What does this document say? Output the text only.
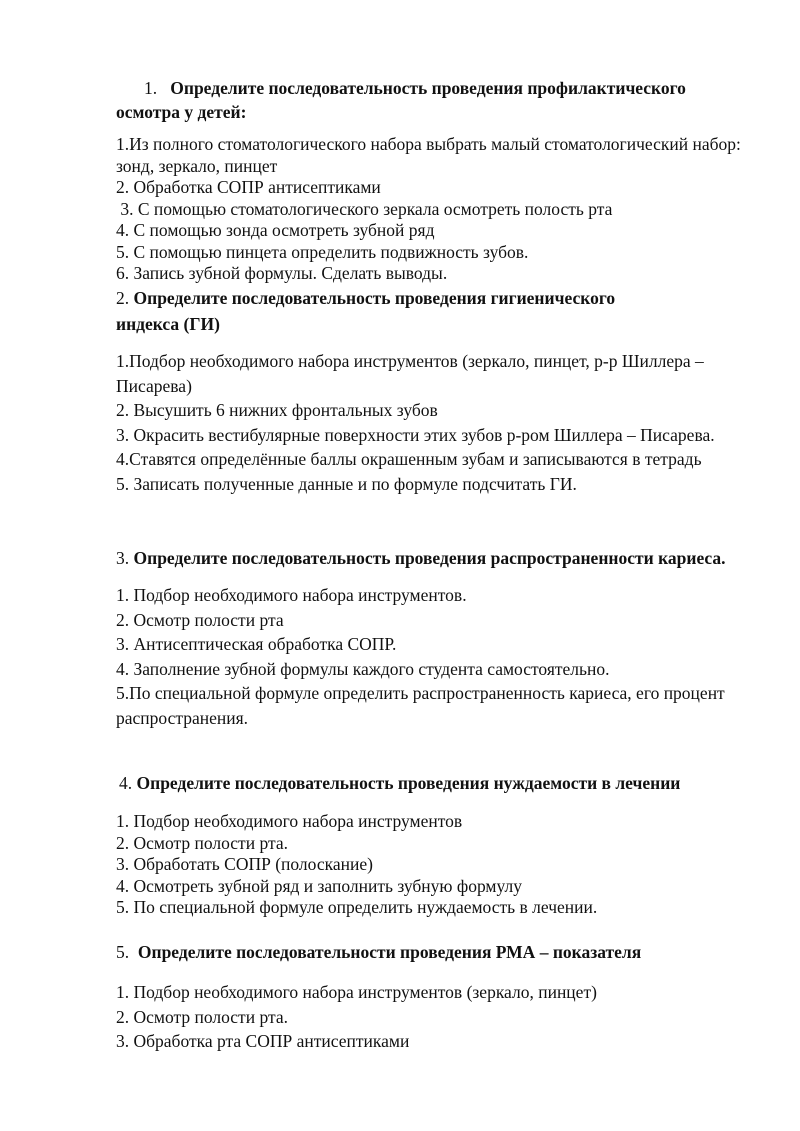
1. Определите последовательность проведения профилактического осмотра у детей:
1.Из полного стоматологического набора выбрать малый стоматологический набор: зонд, зеркало, пинцет
2. Обработка СОПР антисептиками
3. С помощью стоматологического зеркала осмотреть полость рта
4. С помощью зонда осмотреть зубной ряд
5. С помощью пинцета определить подвижность зубов.
6. Запись зубной формулы. Сделать выводы.
2. Определите последовательность проведения гигиенического индекса (ГИ)
1.Подбор необходимого набора инструментов (зеркало, пинцет, р-р Шиллера – Писарева)
2. Высушить 6 нижних фронтальных зубов
3. Окрасить вестибулярные поверхности этих зубов р-ром Шиллера – Писарева.
4.Ставятся определённые баллы окрашенным зубам и записываются в тетрадь
5. Записать полученные данные и по формуле подсчитать ГИ.
3. Определите последовательность проведения распространенности кариеса.
1. Подбор необходимого набора инструментов.
2. Осмотр полости рта
3. Антисептическая обработка СОПР.
4. Заполнение зубной формулы каждого студента самостоятельно.
5.По специальной формуле определить распространенность кариеса, его процент распространения.
4. Определите последовательность проведения нуждаемости в лечении
1. Подбор необходимого набора инструментов
2. Осмотр полости рта.
3. Обработать СОПР (полоскание)
4. Осмотреть зубной ряд и заполнить зубную формулу
5. По специальной формуле определить нуждаемость в лечении.
5. Определите последовательности проведения РМА – показателя
1. Подбор необходимого набора инструментов (зеркало, пинцет)
2. Осмотр полости рта.
3. Обработка рта СОПР антисептиками
